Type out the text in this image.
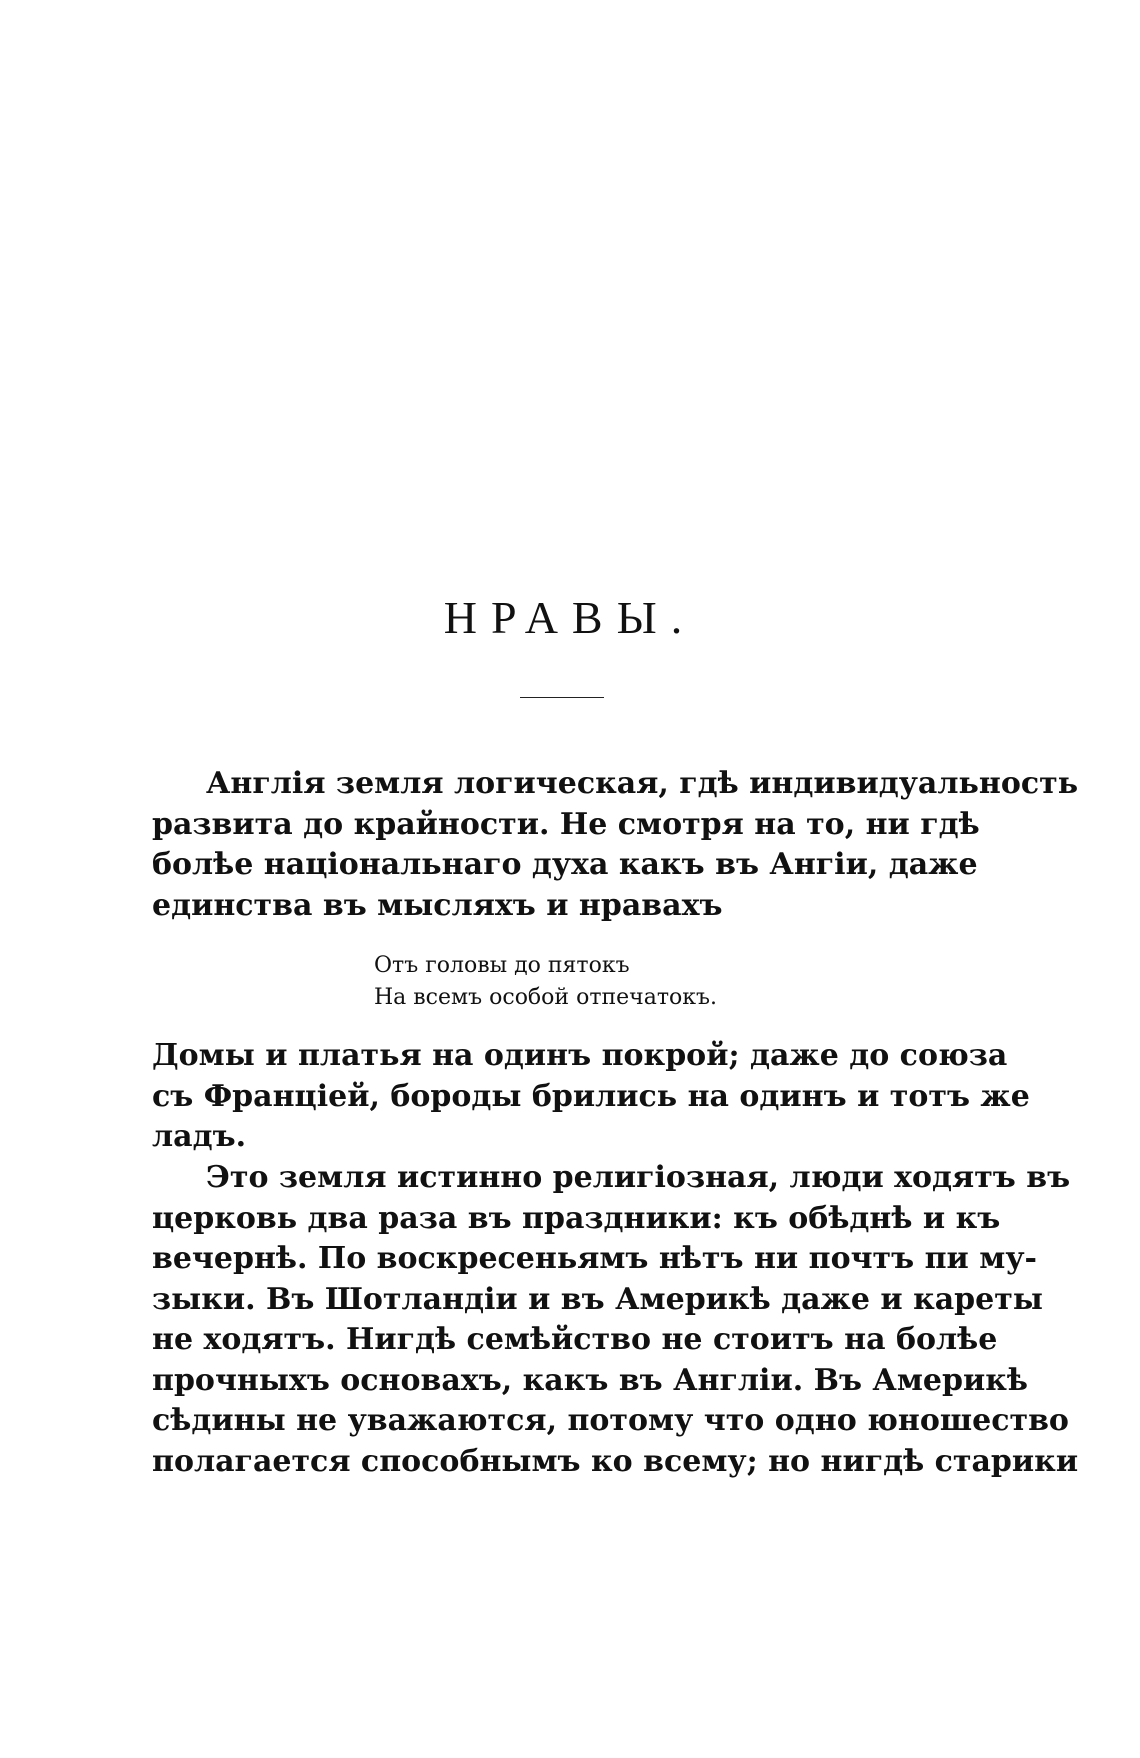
НРАВЫ.
Англія земля логическая, гдѣ индивидуальность
развита до крайности. Не смотря на то, ни гдѣ
болѣе національнаго духа какъ въ Ангіи, даже
единства въ мысляхъ и нравахъ
Отъ головы до пятокъ
На всемъ особой отпечатокъ.
Домы и платья на одинъ покрой; даже до союза
съ Франціей, бороды брились на одинъ и тотъ же
ладъ.
Это земля истинно религіозная, люди ходятъ въ
церковь два раза въ праздники: къ обѣднѣ и къ
вечернѣ. По воскресеньямъ нѣтъ ни почтъ пи му-
зыки. Въ Шотландіи и въ Америкѣ даже и кареты
не ходятъ. Нигдѣ семѣйство не стоитъ на болѣе
прочныхъ основахъ, какъ въ Англіи. Въ Америкѣ
сѣдины не уважаются, потому что одно юношество
полагается способнымъ ко всему; но нигдѣ старики
